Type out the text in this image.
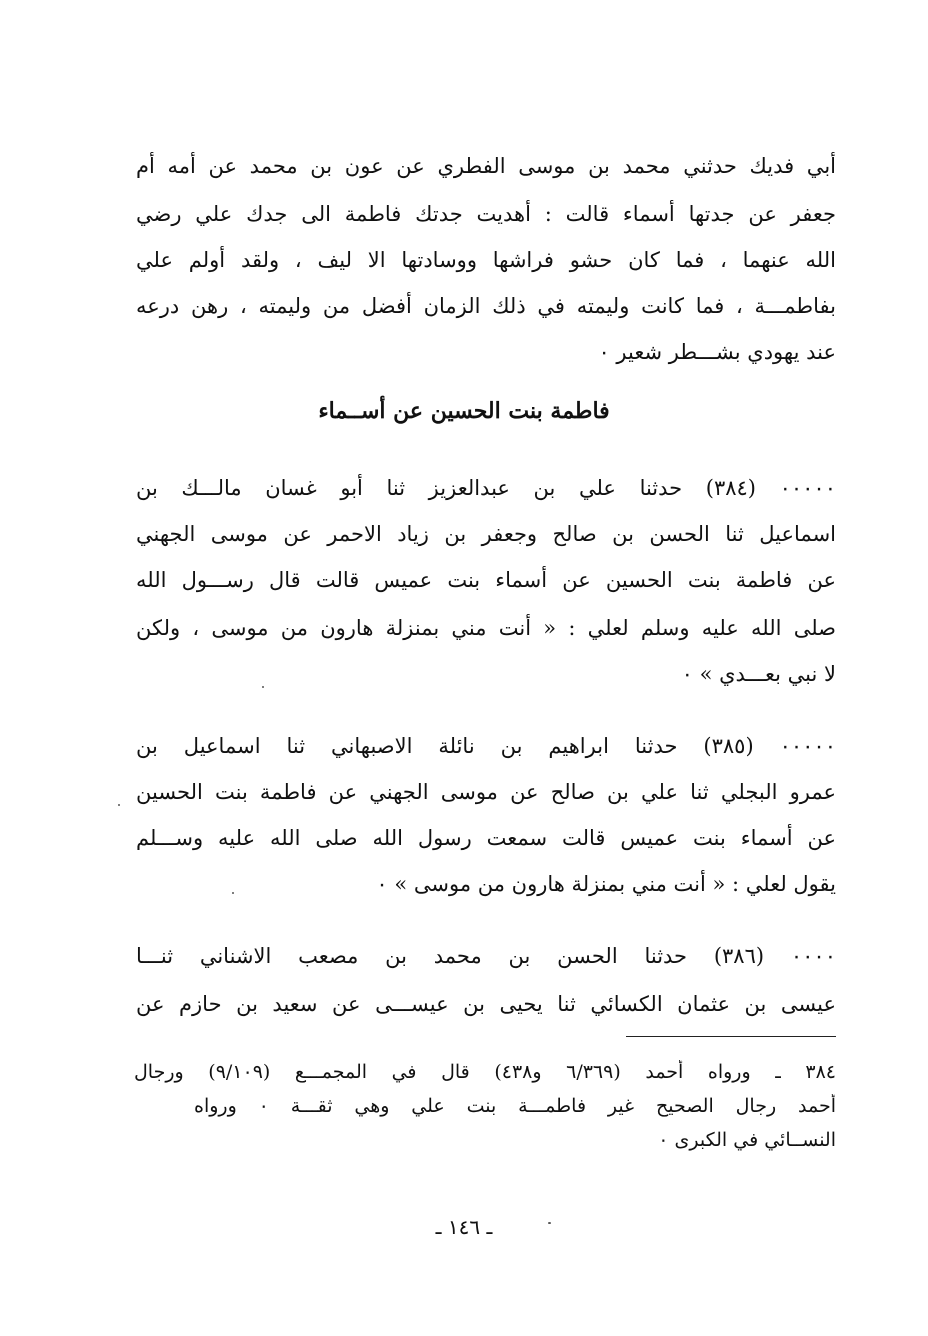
أبي فديك حدثني محمد بن موسى الفطري عن عون بن محمد عن أمه أم
جعفر عن جدتها أسماء قالت : أهديت جدتك فاطمة الى جدك علي رضي
الله عنهما ، فما كان حشو فراشها ووسادتها الا ليف ، ولقد أولم علي
بفاطمـــة ، فما كانت وليمته في ذلك الزمان أفضل من وليمته ، رهن درعه
عند يهودي بشـــطر شعير ٠
فاطمة بنت الحسين عن أســماء
٠٠٠٠٠ (٣٨٤) حدثنا علي بن عبدالعزيز ثنا أبو غسان مالـــك بن
اسماعيل ثنا الحسن بن صالح وجعفر بن زياد الاحمر عن موسى الجهني
عن فاطمة بنت الحسين عن أسماء بنت عميس قالت قال رســـول الله
صلى الله عليه وسلم لعلي : « أنت مني بمنزلة هارون من موسى ، ولكن
لا نبي بعـــدي » ٠
٠٠٠٠٠ (٣٨٥) حدثنا ابراهيم بن نائلة الاصبهاني ثنا اسماعيل بن
عمرو البجلي ثنا علي بن صالح عن موسى الجهني عن فاطمة بنت الحسين
عن أسماء بنت عميس قالت سمعت رسول الله صلى الله عليه وســـلم
يقول لعلي : « أنت مني بمنزلة هارون من موسى » ٠
٠٠٠٠ (٣٨٦) حدثنا الحسن بن محمد بن مصعب الاشناني ثنـــا
عيسى بن عثمان الكسائي ثنا يحيى بن عيســـى عن سعيد بن حازم عن
٣٨٤ ـ ورواه أحمد (٦/٣٦٩ و٤٣٨) قال في المجمـــع (٩/١٠٩) ورجال
أحمد رجال الصحيح غير فاطمـــة بنت علي وهي ثقـــة ٠ ورواه
النســائي في الكبرى ٠
ـ ١٤٦ ـ
